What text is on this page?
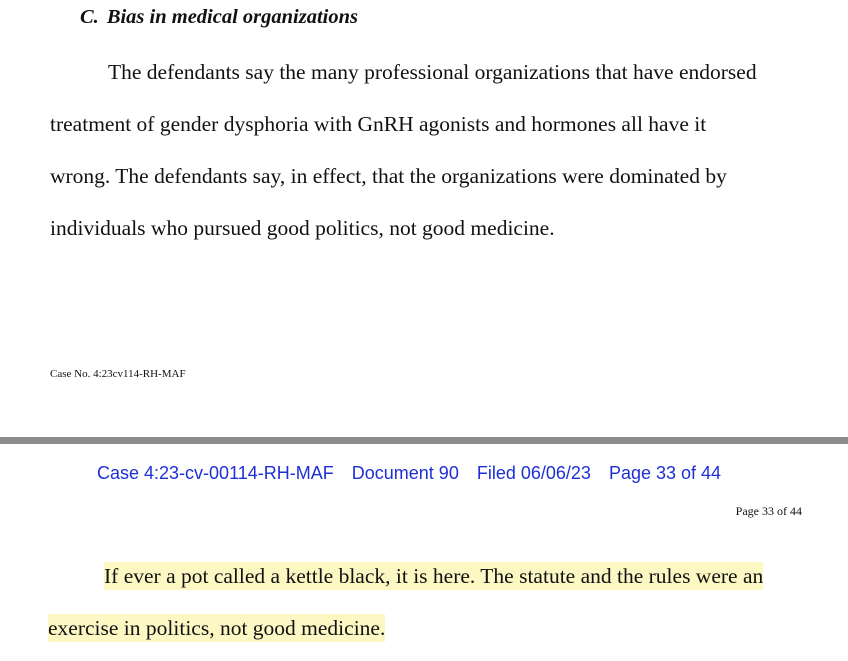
C. Bias in medical organizations
The defendants say the many professional organizations that have endorsed
treatment of gender dysphoria with GnRH agonists and hormones all have it
wrong. The defendants say, in effect, that the organizations were dominated by
individuals who pursued good politics, not good medicine.
Case No. 4:23cv114-RH-MAF
Case 4:23-cv-00114-RH-MAF Document 90 Filed 06/06/23 Page 33 of 44
Page 33 of 44
If ever a pot called a kettle black, it is here. The statute and the rules were an
exercise in politics, not good medicine.
